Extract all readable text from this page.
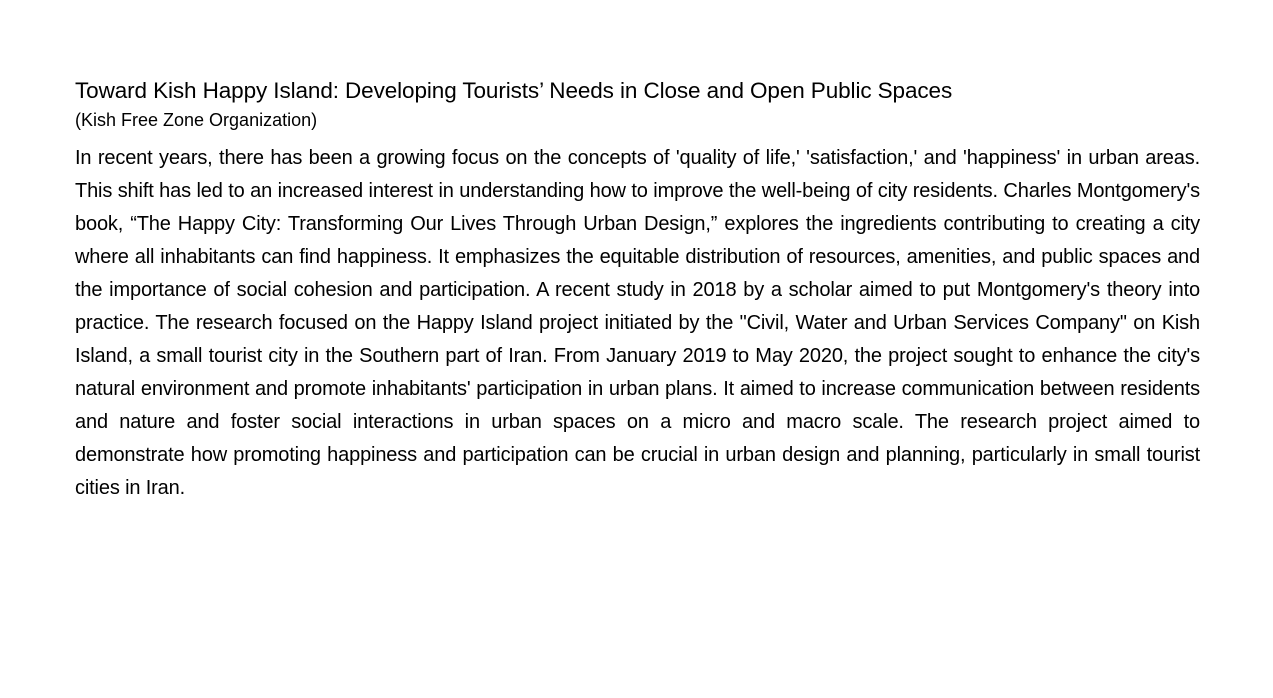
Toward Kish Happy Island: Developing Tourists’ Needs in Close and Open Public Spaces
(Kish Free Zone Organization)

In recent years, there has been a growing focus on the concepts of 'quality of life,' 'satisfaction,' and 'happiness' in urban areas. This shift has led to an increased interest in understanding how to improve the well-being of city residents. Charles Montgomery's book, “The Happy City: Transforming Our Lives Through Urban Design,” explores the ingredients contributing to creating a city where all inhabitants can find happiness. It emphasizes the equitable distribution of resources, amenities, and public spaces and the importance of social cohesion and participation. A recent study in 2018 by a scholar aimed to put Montgomery's theory into practice. The research focused on the Happy Island project initiated by the "Civil, Water and Urban Services Company" on Kish Island, a small tourist city in the Southern part of Iran. From January 2019 to May 2020, the project sought to enhance the city's natural environment and promote inhabitants' participation in urban plans. It aimed to increase communication between residents and nature and foster social interactions in urban spaces on a micro and macro scale. The research project aimed to demonstrate how promoting happiness and participation can be crucial in urban design and planning, particularly in small tourist cities in Iran.
